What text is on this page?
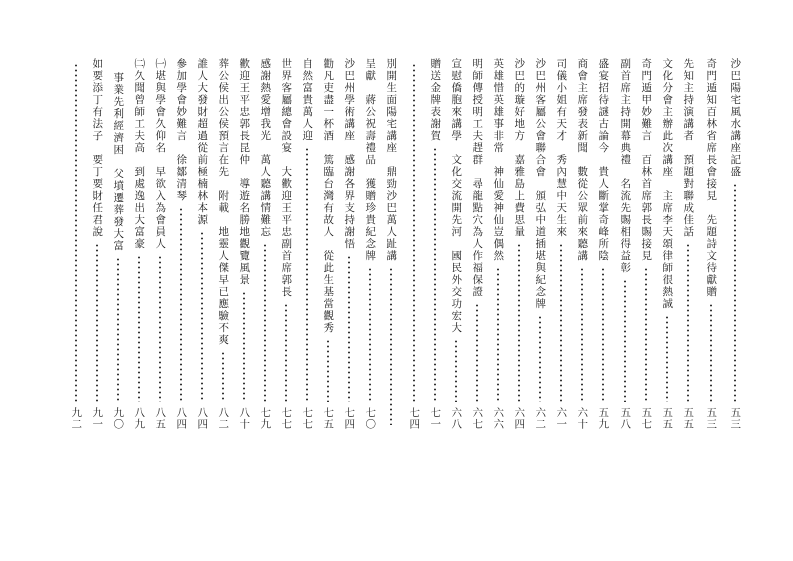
沙巴陽宅風水講座記盛
五三
奇門遁知百林省席長會接見　先題詩文待獻贈
五三
先知主持演講者　預題對聯成佳話
五五
文化分會主辦此次講座　主席李天頌律師很熱誠
五五
奇門遁甲妙難言　百林首席郭長賜接見
五七
副首席主持開幕典禮　名流先賜相得益彰
五八
盛宴招待謎古論今　貴人斷掌奇峰所陰
五九
商會主席發表新聞　數從公眾前來聽講
六十
司儀小姐有天才　秀內慧中天生來
六一
沙巴州客屬公會聯合會　頒弘中道插堪與紀念牌
六二
沙巴的璇好地方　嘉雅島上費思量
六四
英雄惜英雄事非常　神仙愛神仙豈偶然
六六
明師傳授明工夫趕群　尋龍點穴為人作福保證
六七
宣慰僑胞來講學　文化交流開先河　國民外交功宏大
六八
贈送金牌表謝賀
七一
七四
別開生面陽宅講座　鼎勁沙巴萬人趾講
呈獻　蔣公祝壽禮品　獲贈珍貴紀念牌
七〇
沙巴州學術講座　感謝各界支持謝悟
七四
勸凡吏盡一杯酒　篤臨台灣有故人　從此生基當觀秀
七五
自然富貴萬人迎
七七
世界客屬總會設宴　大歡迎王平忠副首席郭長
七七
感謝熱愛增我光　萬人聽講情難忘
七九
歡迎王平忠郭長昆仲　導遊名勝地觀覽風景
八十
葬公侯出公侯預言在先　附載　地靈人傑早已應驗不爽
八二
誰人大發財超過從前極楠林本源
八四
參加學會妙難言　徐鄒清琴
八四
㈠堪與學會久仰名　早欲入為會員人
八五
㈡久聞曾師工夫高　到處逸出大富豪
八九
事業先利經濟困　父墳遷葬發大富
九〇
如要添丁有法子　要丁要財任君說
九一
九二
